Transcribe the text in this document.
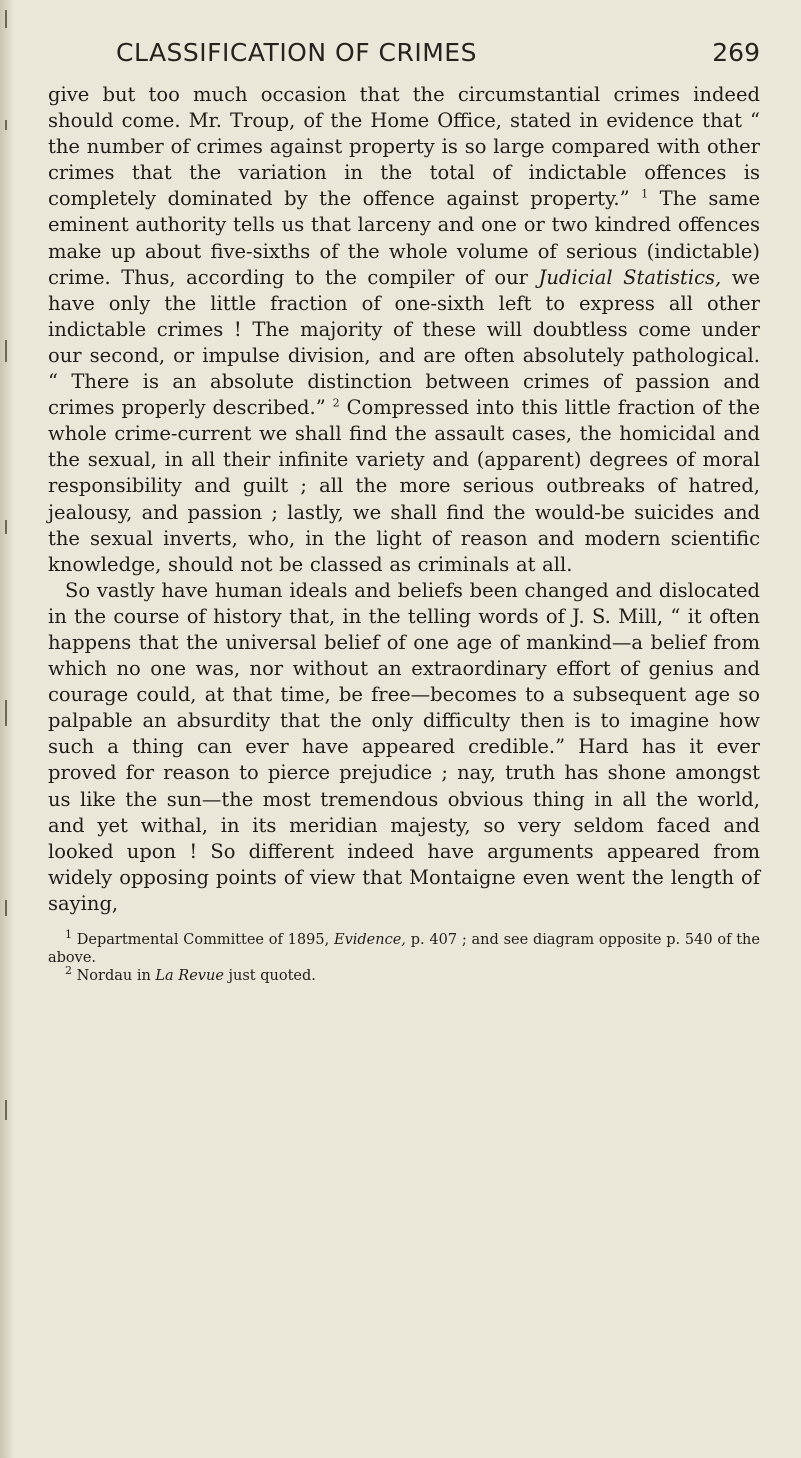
CLASSIFICATION OF CRIMES	269

give but too much occasion that the circumstantial crimes indeed should come. Mr. Troup, of the Home Office, stated in evidence that “ the number of crimes against property is so large compared with other crimes that the variation in the total of indictable offences is completely dominated by the offence against property.” $^1$ The same eminent authority tells us that larceny and one or two kindred offences make up about five-sixths of the whole volume of serious (indictable) crime. Thus, according to the compiler of our Judicial Statistics, we have only the little fraction of one-sixth left to express all other indictable crimes ! The majority of these will doubtless come under our second, or impulse division, and are often absolutely pathological. “ There is an absolute distinction between crimes of passion and crimes properly described.” $^2$ Compressed into this little fraction of the whole crime-current we shall find the assault cases, the homicidal and the sexual, in all their infinite variety and (apparent) degrees of moral responsibility and guilt ; all the more serious outbreaks of hatred, jealousy, and passion ; lastly, we shall find the would-be suicides and the sexual inverts, who, in the light of reason and modern scientific knowledge, should not be classed as criminals at all.

So vastly have human ideals and beliefs been changed and dislocated in the course of history that, in the telling words of J. S. Mill, “ it often happens that the universal belief of one age of mankind—a belief from which no one was, nor without an extraordinary effort of genius and courage could, at that time, be free—becomes to a subsequent age so palpable an absurdity that the only difficulty then is to imagine how such a thing can ever have appeared credible.” Hard has it ever proved for reason to pierce prejudice ; nay, truth has shone amongst us like the sun—the most tremendous obvious thing in all the world, and yet withal, in its meridian majesty, so very seldom faced and looked upon ! So different indeed have arguments appeared from widely opposing points of view that Montaigne even went the length of saying,

$^1$ Departmental Committee of 1895, Evidence, p. 407 ; and see diagram opposite p. 540 of the above.

$^2$ Nordau in La Revue just quoted.
